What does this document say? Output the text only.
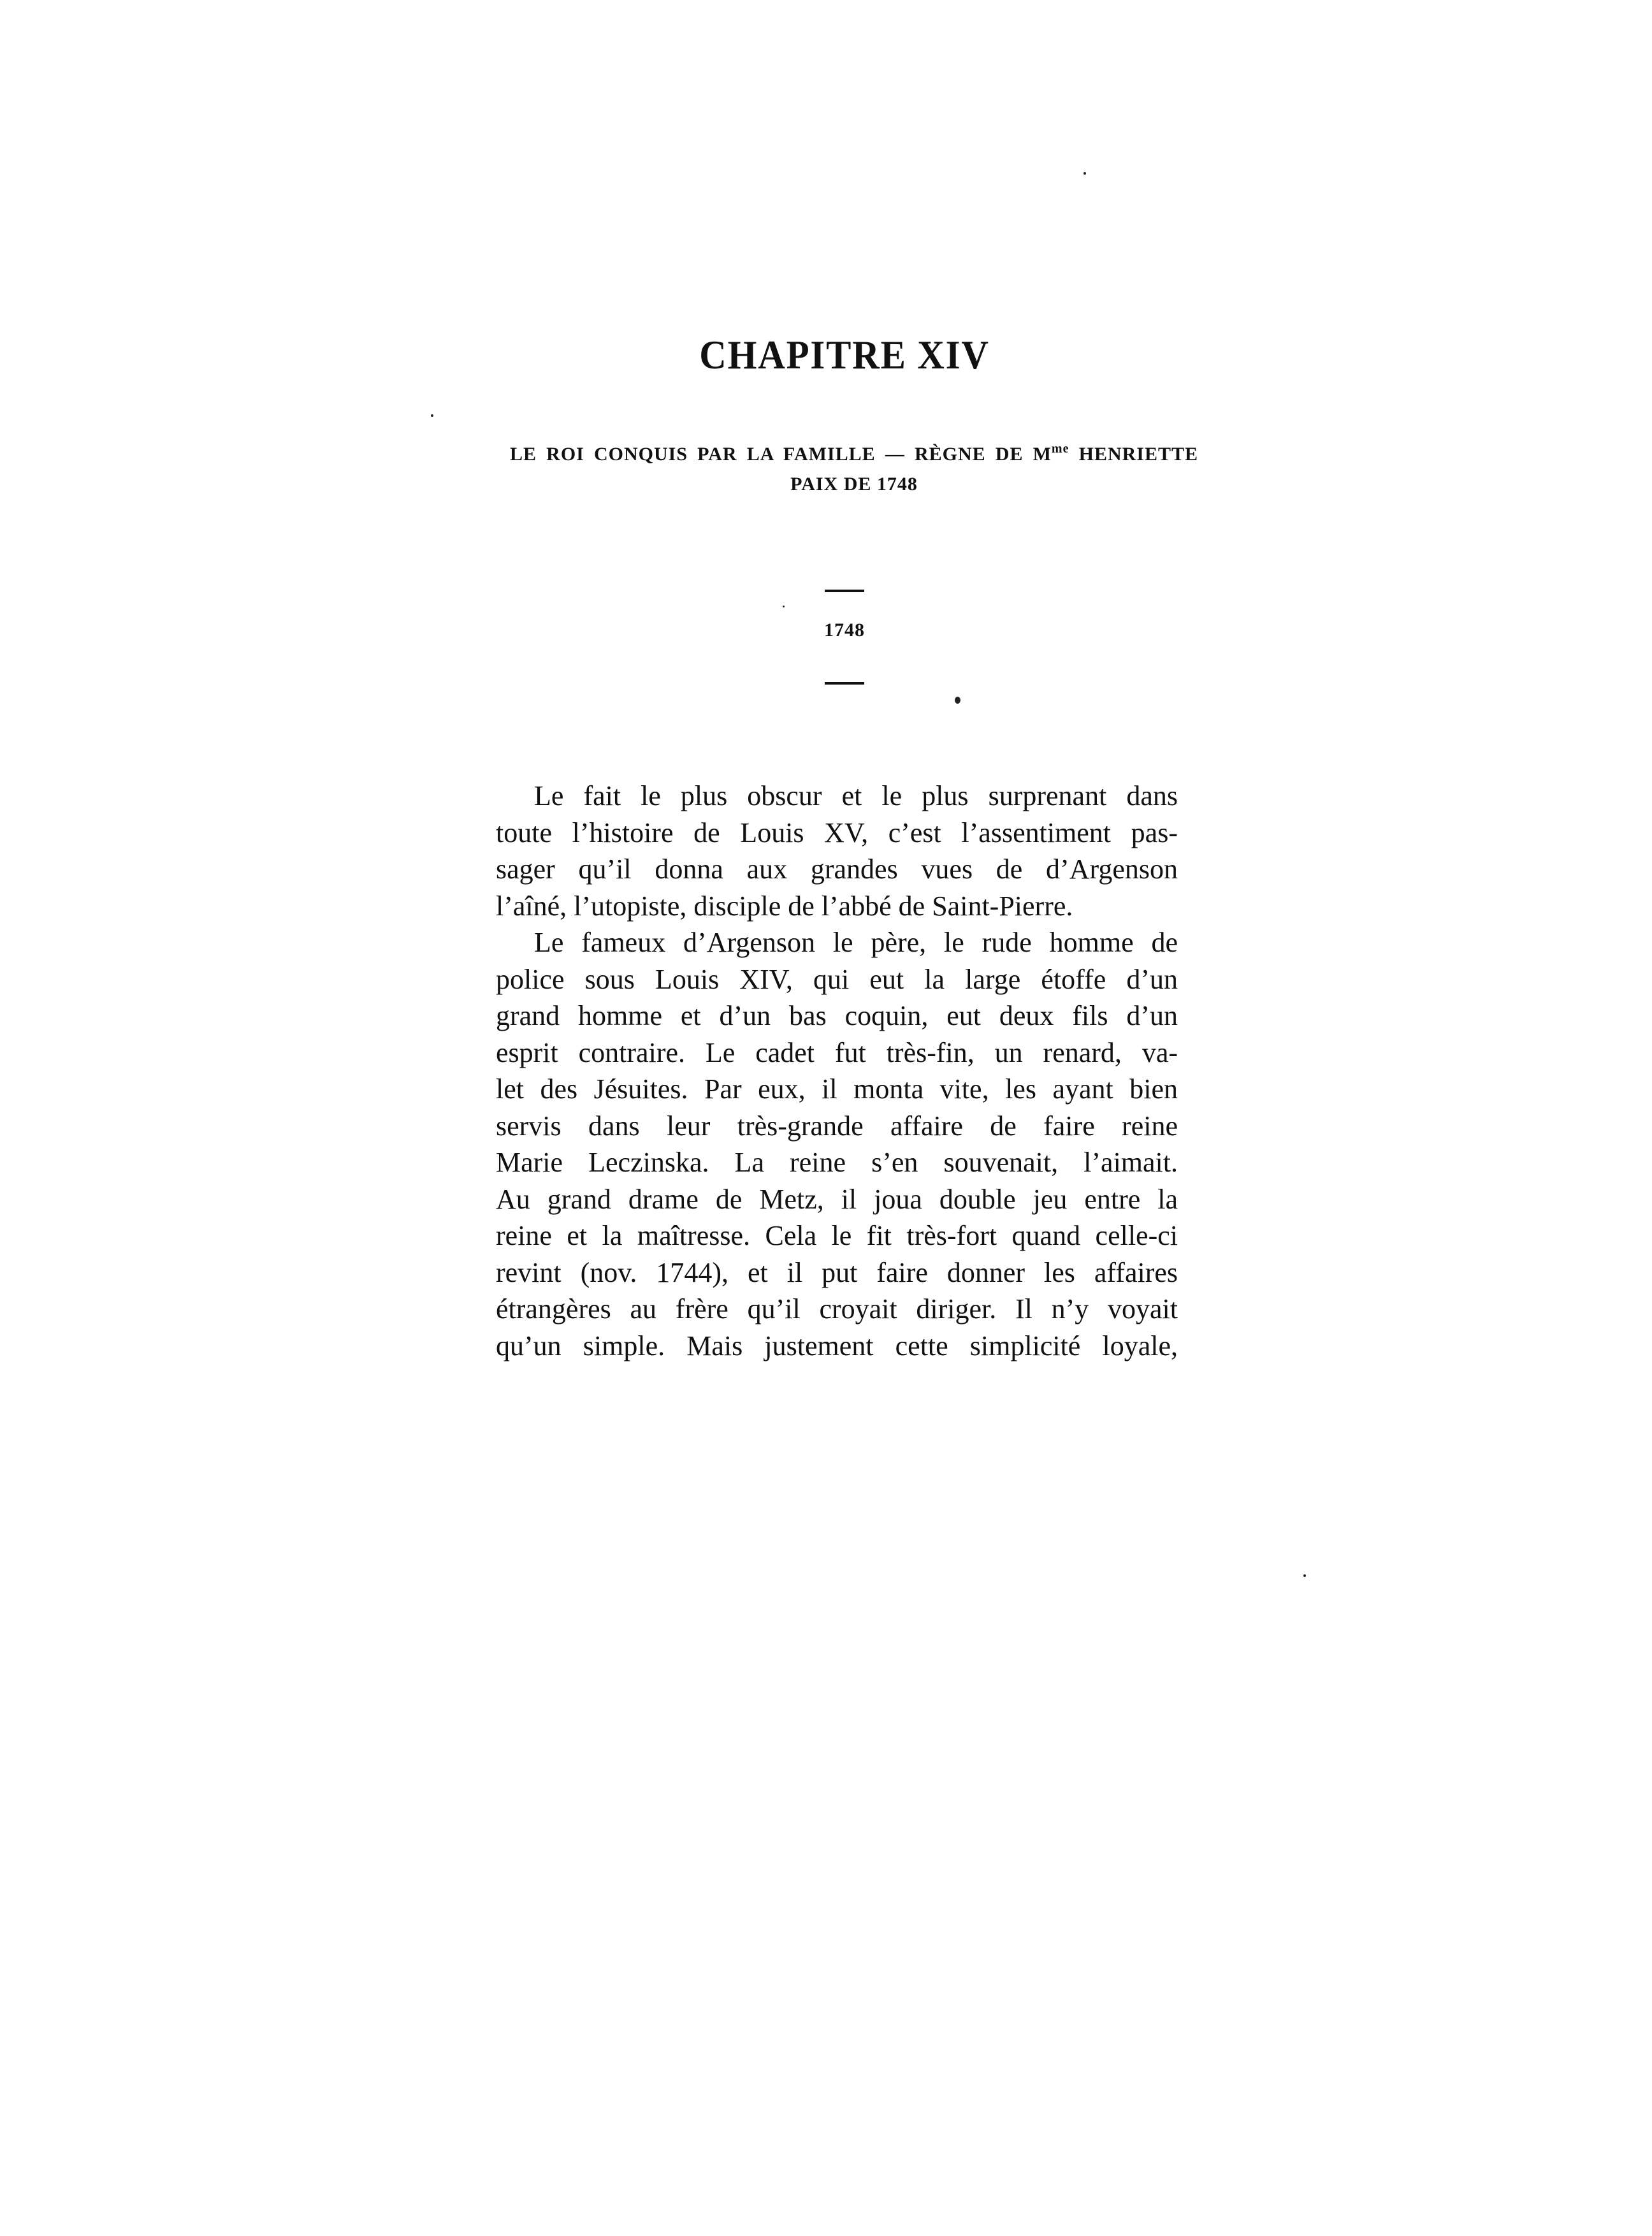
CHAPITRE XIV
LE ROI CONQUIS PAR LA FAMILLE — RÈGNE DE $M^{me}$ HENRIETTE
PAIX DE 1748
1748
Le fait le plus obscur et le plus surprenant dans
toute l’histoire de Louis XV, c’est l’assentiment pas-
sager qu’il donna aux grandes vues de d’Argenson
l’aîné, l’utopiste, disciple de l’abbé de Saint-Pierre.
Le fameux d’Argenson le père, le rude homme de
police sous Louis XIV, qui eut la large étoffe d’un
grand homme et d’un bas coquin, eut deux fils d’un
esprit contraire. Le cadet fut très-fin, un renard, va-
let des Jésuites. Par eux, il monta vite, les ayant bien
servis dans leur très-grande affaire de faire reine
Marie Leczinska. La reine s’en souvenait, l’aimait.
Au grand drame de Metz, il joua double jeu entre la
reine et la maîtresse. Cela le fit très-fort quand celle-ci
revint (nov. 1744), et il put faire donner les affaires
étrangères au frère qu’il croyait diriger. Il n’y voyait
qu’un simple. Mais justement cette simplicité loyale,
